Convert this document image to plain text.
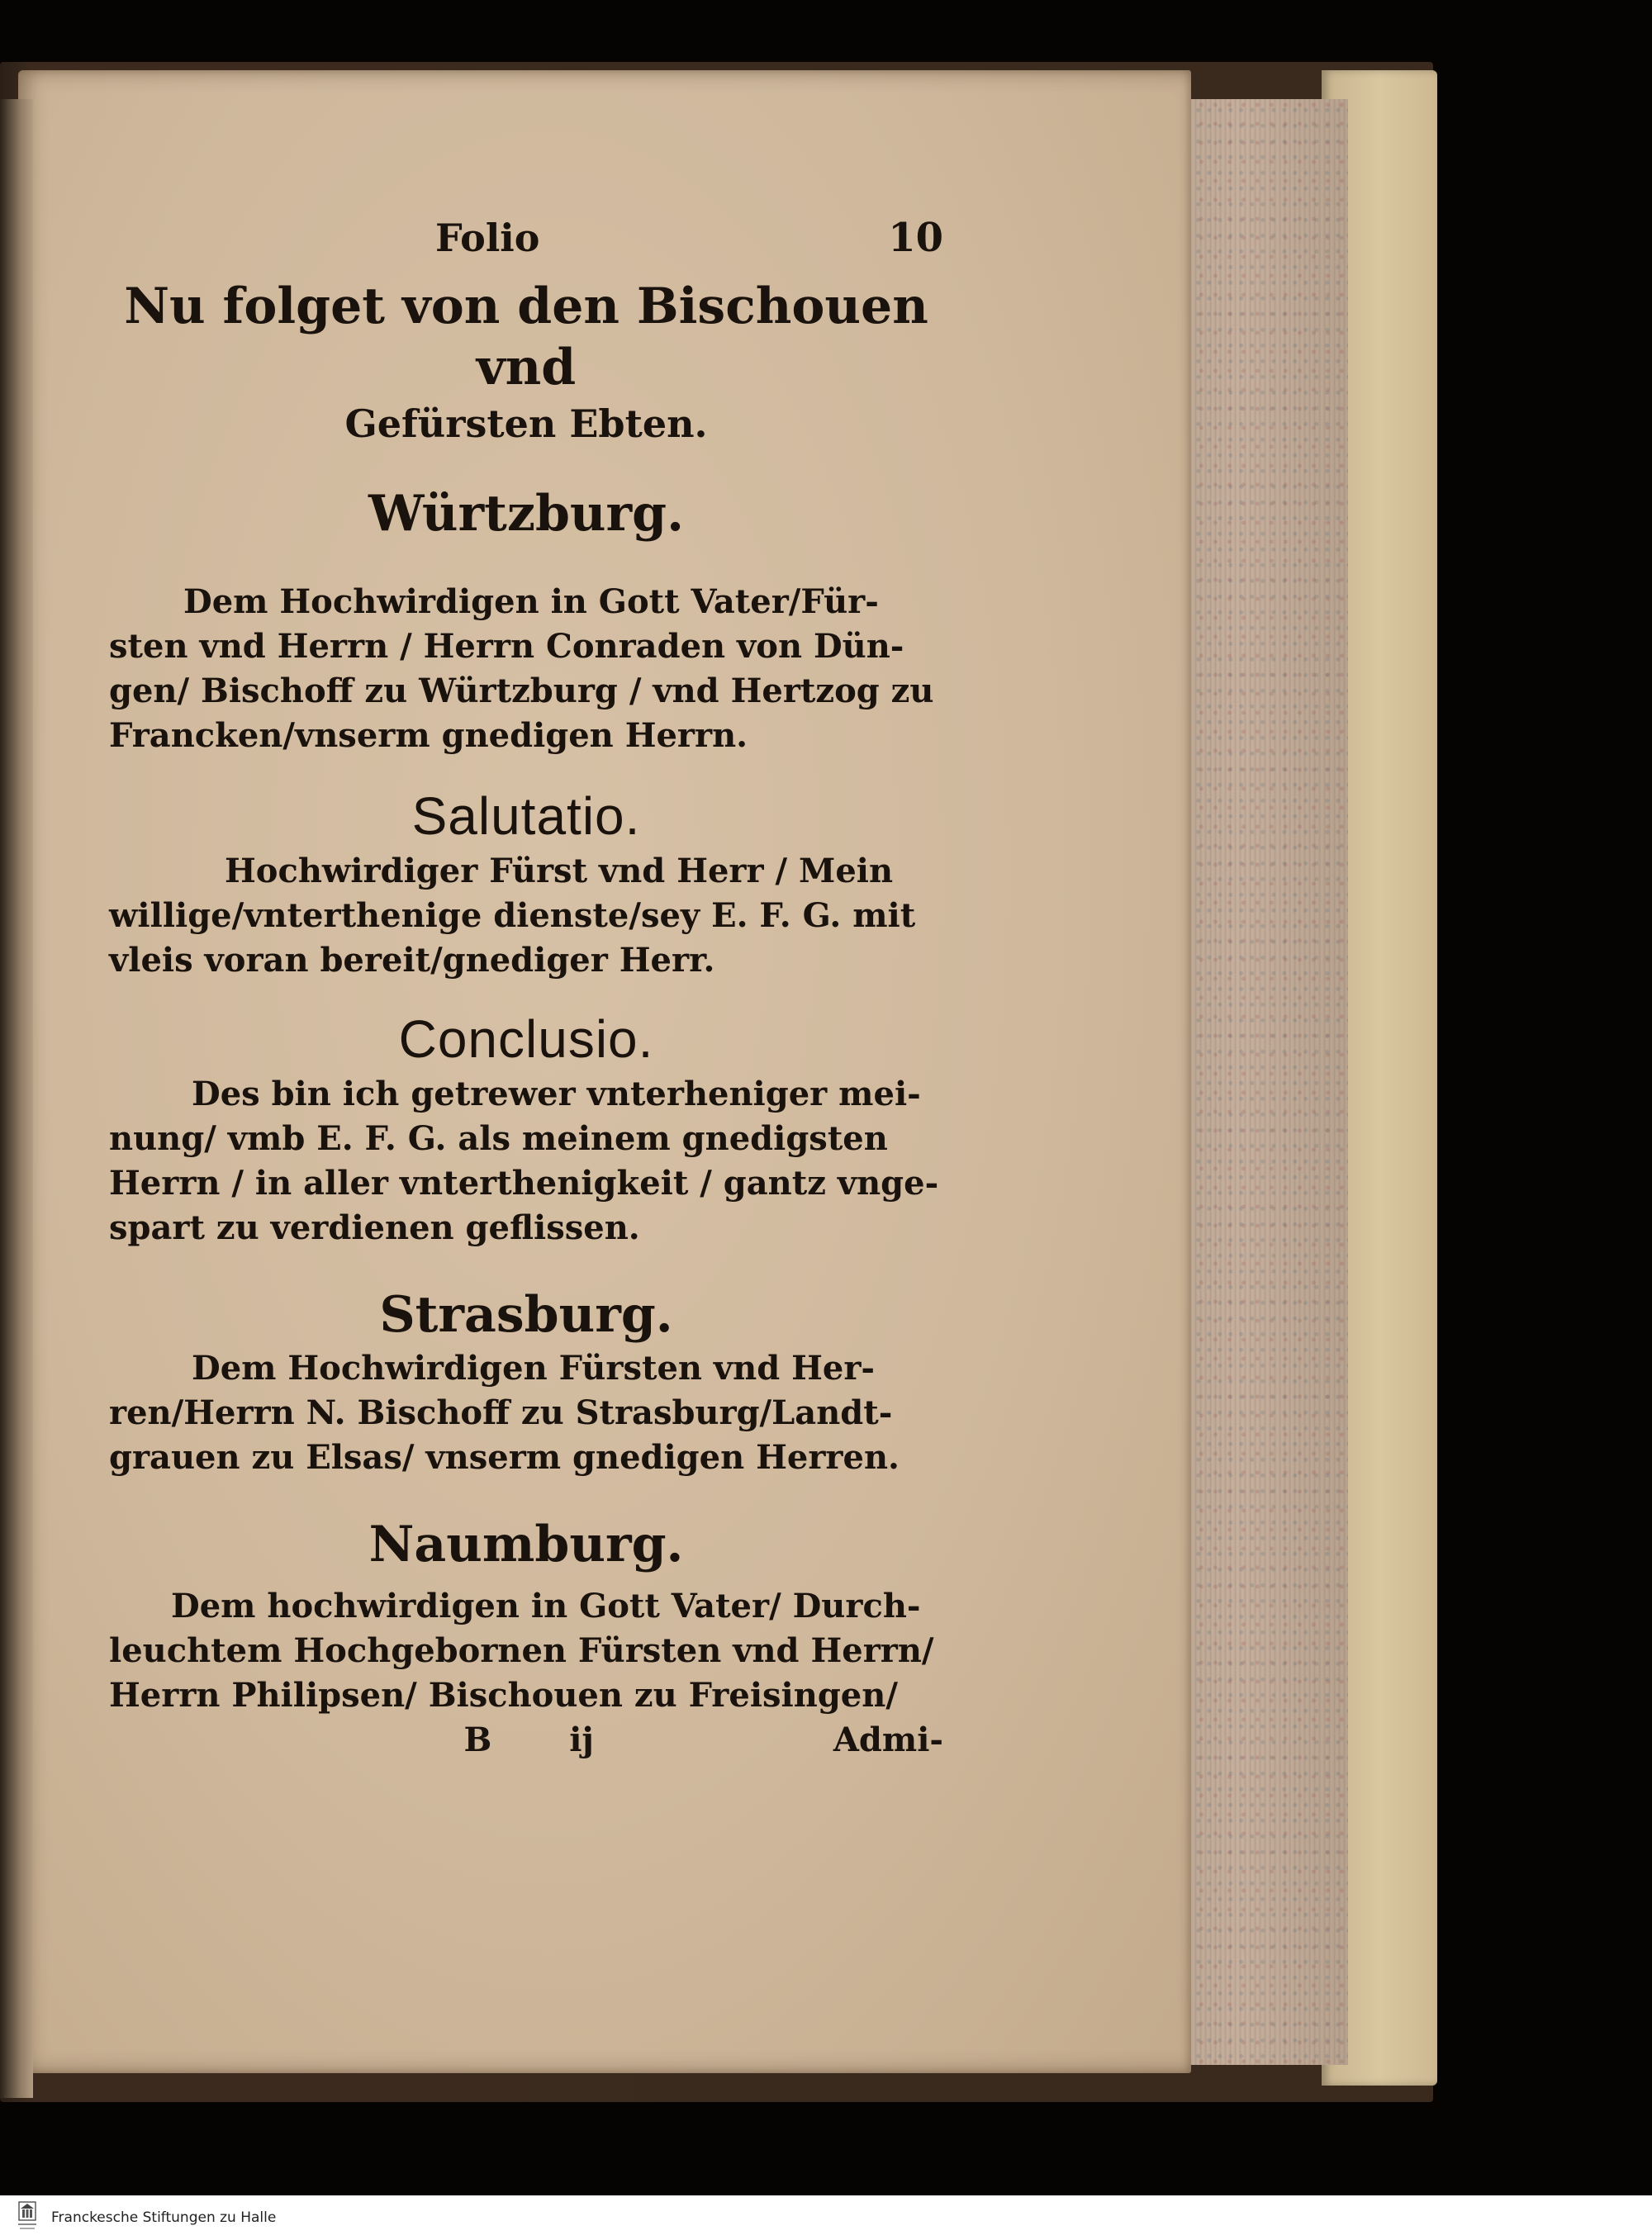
Folio	10
Nu folget von den Bischouen vnd
Gefürsten Ebten.
Würtzburg.
Dem Hochwirdigen in Gott Vater/Für-
sten vnd Herrn / Herrn Conraden von Dün-
gen/ Bischoff zu Würtzburg / vnd Hertzog zu
Francken/vnserm gnedigen Herrn.
Salutatio.
Hochwirdiger Fürst vnd Herr / Mein
willige/vnterthenige dienste/sey E. F. G. mit
vleis voran bereit/gnediger Herr.
Conclusio.
Des bin ich getrewer vnterheniger mei-
nung/ vmb E. F. G. als meinem gnedigsten
Herrn / in aller vnterthenigkeit / gantz vnge-
spart zu verdienen geflissen.
Strasburg.
Dem Hochwirdigen Fürsten vnd Her-
ren/Herrn N. Bischoff zu Strasburg/Landt-
grauen zu Elsas/ vnserm gnedigen Herren.
Naumburg.
Dem hochwirdigen in Gott Vater/ Durch-
leuchtem Hochgebornen Fürsten vnd Herrn/
Herrn Philipsen/ Bischouen zu Freisingen/
B ij	Admi-
Franckesche Stiftungen zu Halle
